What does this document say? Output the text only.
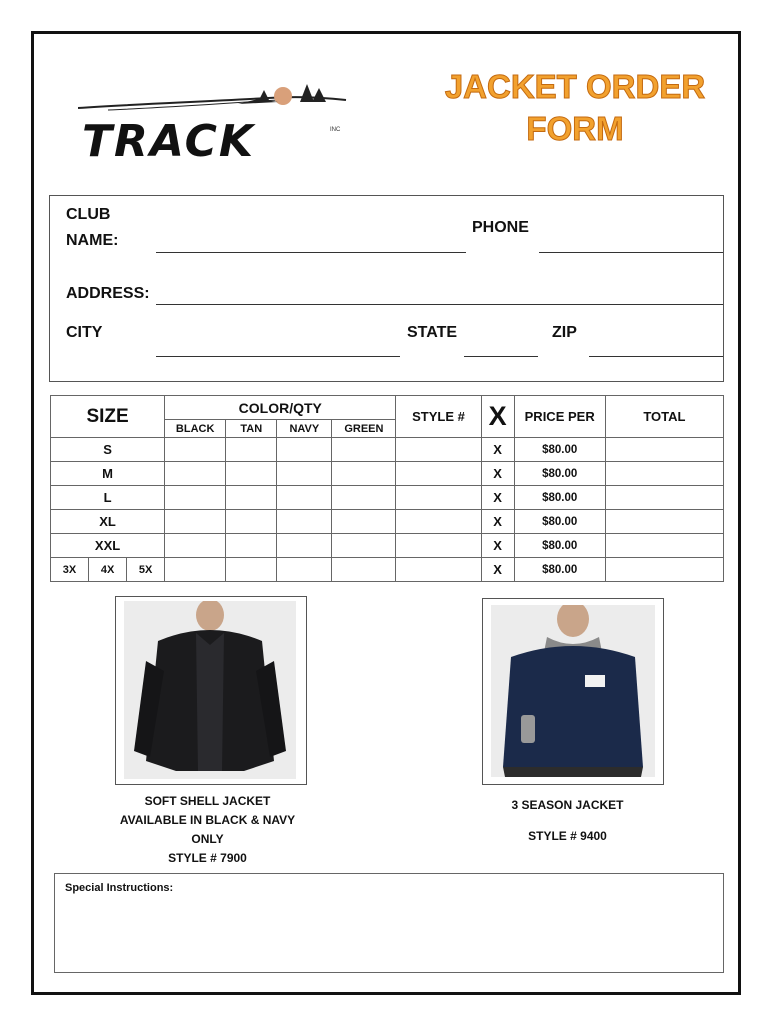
TRACK	INC
JACKET ORDER
FORM
CLUB
NAME:
PHONE
ADDRESS:
CITY	STATE	ZIP
SIZE			COLOR/QTY				STYLE #	X	PRICE PER	TOTAL
			BLACK	TAN	NAVY	GREEN				
S								X	$80.00	
M								X	$80.00	
L								X	$80.00	
XL								X	$80.00	
XXL								X	$80.00	
3X	4X	5X						X	$80.00	
SOFT SHELL JACKET
AVAILABLE IN BLACK & NAVY
ONLY
STYLE # 7900
3 SEASON JACKET
STYLE # 9400
Special Instructions:
